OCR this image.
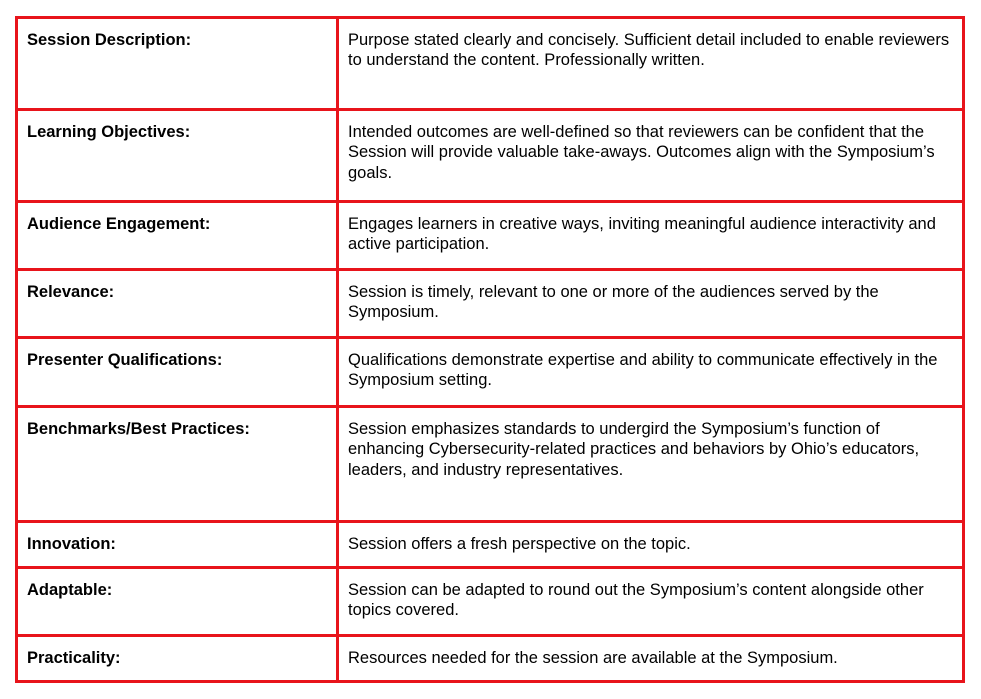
Session Description:	Purpose stated clearly and concisely. Sufficient detail included to enable reviewers to understand the content. Professionally written.
Learning Objectives:	Intended outcomes are well-defined so that reviewers can be confident that the Session will provide valuable take-aways. Outcomes align with the Symposium’s goals.
Audience Engagement:	Engages learners in creative ways, inviting meaningful audience interactivity and active participation.
Relevance:	Session is timely, relevant to one or more of the audiences served by the Symposium.
Presenter Qualifications:	Qualifications demonstrate expertise and ability to communicate effectively in the Symposium setting.
Benchmarks/Best Practices:	Session emphasizes standards to undergird the Symposium’s function of enhancing Cybersecurity-related practices and behaviors by Ohio’s educators, leaders, and industry representatives.
Innovation:	Session offers a fresh perspective on the topic.
Adaptable:	Session can be adapted to round out the Symposium’s content alongside other topics covered.
Practicality:	Resources needed for the session are available at the Symposium.
